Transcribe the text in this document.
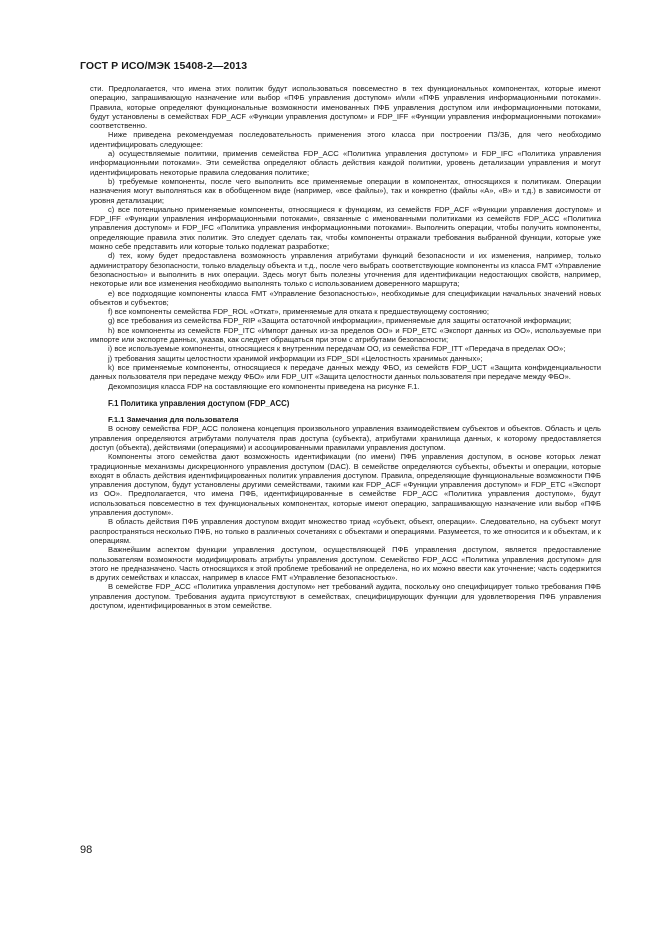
ГОСТ Р ИСО/МЭК 15408-2—2013

сти. Предполагается, что имена этих политик будут использоваться повсеместно в тех функциональных компонентах, которые имеют операцию, запрашивающую назначение или выбор «ПФБ управления доступом» и/или «ПФБ управления информационными потоками». Правила, которые определяют функциональные возможности именованных ПФБ управления доступом или информационными потоками, будут установлены в семействах FDP_ACF «Функции управления доступом» и FDP_IFF «Функции управления информационными потоками» соответственно.

Ниже приведена рекомендуемая последовательность применения этого класса при построении ПЗ/ЗБ, для чего необходимо идентифицировать следующее:

а) осуществляемые политики, применив семейства FDP_ACC «Политика управления доступом» и FDP_IFC «Политика управления информационными потоками». Эти семейства определяют область действия каждой политики, уровень детализации управления и могут идентифицировать некоторые правила следования политике;

b) требуемые компоненты, после чего выполнить все применяемые операции в компонентах, относящихся к политикам. Операции назначения могут выполняться как в обобщенном виде (например, «все файлы»), так и конкретно (файлы «А», «В» и т.д.) в зависимости от уровня детализации;

с) все потенциально применяемые компоненты, относящиеся к функциям, из семейств FDP_ACF «Функции управления доступом» и FDP_IFF «Функции управления информационными потоками», связанные с именованными политиками из семейств FDP_ACC «Политика управления доступом» и FDP_IFC «Политика управления информационными потоками». Выполнить операции, чтобы получить компоненты, определяющие правила этих политик. Это следует сделать так, чтобы компоненты отражали требования выбранной функции, которые уже можно себе представить или которые только подлежат разработке;

d) тех, кому будет предоставлена возможность управления атрибутами функций безопасности и их изменения, например, только администратору безопасности, только владельцу объекта и т.д., после чего выбрать соответствующие компоненты из класса FMT «Управление безопасностью» и выполнить в них операции. Здесь могут быть полезны уточнения для идентификации недостающих свойств, например, некоторые или все изменения необходимо выполнять только с использованием доверенного маршрута;

е) все подходящие компоненты класса FMT «Управление безопасностью», необходимые для спецификации начальных значений новых объектов и субъектов;

f) все компоненты семейства FDP_ROL «Откат», применяемые для отката к предшествующему состоянию;

g) все требования из семейства FDP_RIP «Защита остаточной информации», применяемые для защиты остаточной информации;

h) все компоненты из семейств FDP_ITC «Импорт данных из-за пределов ОО» и FDP_ETC «Экспорт данных из ОО», используемые при импорте или экспорте данных, указав, как следует обращаться при этом с атрибутами безопасности;

i) все используемые компоненты, относящиеся к внутренним передачам ОО, из семейства FDP_ITT «Передача в пределах ОО»;

j) требования защиты целостности хранимой информации из FDP_SDI «Целостность хранимых данных»;

k) все применяемые компоненты, относящиеся к передаче данных между ФБО, из семейств FDP_UCT «Защита конфиденциальности данных пользователя при передаче между ФБО» или FDP_UIT «Защита целостности данных пользователя при передаче между ФБО».

Декомпозиция класса FDP на составляющие его компоненты приведена на рисунке F.1.

F.1 Политика управления доступом (FDP_ACC)
F.1.1 Замечания для пользователя

В основу семейства FDP_ACC положена концепция произвольного управления взаимодействием субъектов и объектов. Область и цель управления определяются атрибутами получателя прав доступа (субъекта), атрибутами хранилища данных, к которому предоставляется доступ (объекта), действиями (операциями) и ассоциированными правилами управления доступом.

Компоненты этого семейства дают возможность идентификации (по имени) ПФБ управления доступом, в основе которых лежат традиционные механизмы дискреционного управления доступом (DAC). В семействе определяются субъекты, объекты и операции, которые входят в область действия идентифицированных политик управления доступом. Правила, определяющие функциональные возможности ПФБ управления доступом, будут установлены другими семействами, такими как FDP_ACF «Функции управления доступом» и FDP_ETC «Экспорт из ОО». Предполагается, что имена ПФБ, идентифицированные в семействе FDP_ACC «Политика управления доступом», будут использоваться повсеместно в тех функциональных компонентах, которые имеют операцию, запрашивающую назначение или выбор «ПФБ управления доступом».

В область действия ПФБ управления доступом входит множество триад «субъект, объект, операции». Следовательно, на субъект могут распространяться несколько ПФБ, но только в различных сочетаниях с объектами и операциями. Разумеется, то же относится и к объектам, и к операциям.

Важнейшим аспектом функции управления доступом, осуществляющей ПФБ управления доступом, является предоставление пользователям возможности модифицировать атрибуты управления доступом. Семейство FDP_ACC «Политика управления доступом» для этого не предназначено. Часть относящихся к этой проблеме требований не определена, но их можно ввести как уточнение; часть содержится в других семействах и классах, например в классе FMT «Управление безопасностью».

В семействе FDP_ACC «Политика управления доступом» нет требований аудита, поскольку оно специфицирует только требования ПФБ управления доступом. Требования аудита присутствуют в семействах, специфицирующих функции для удовлетворения ПФБ управления доступом, идентифицированных в этом семействе.

98
